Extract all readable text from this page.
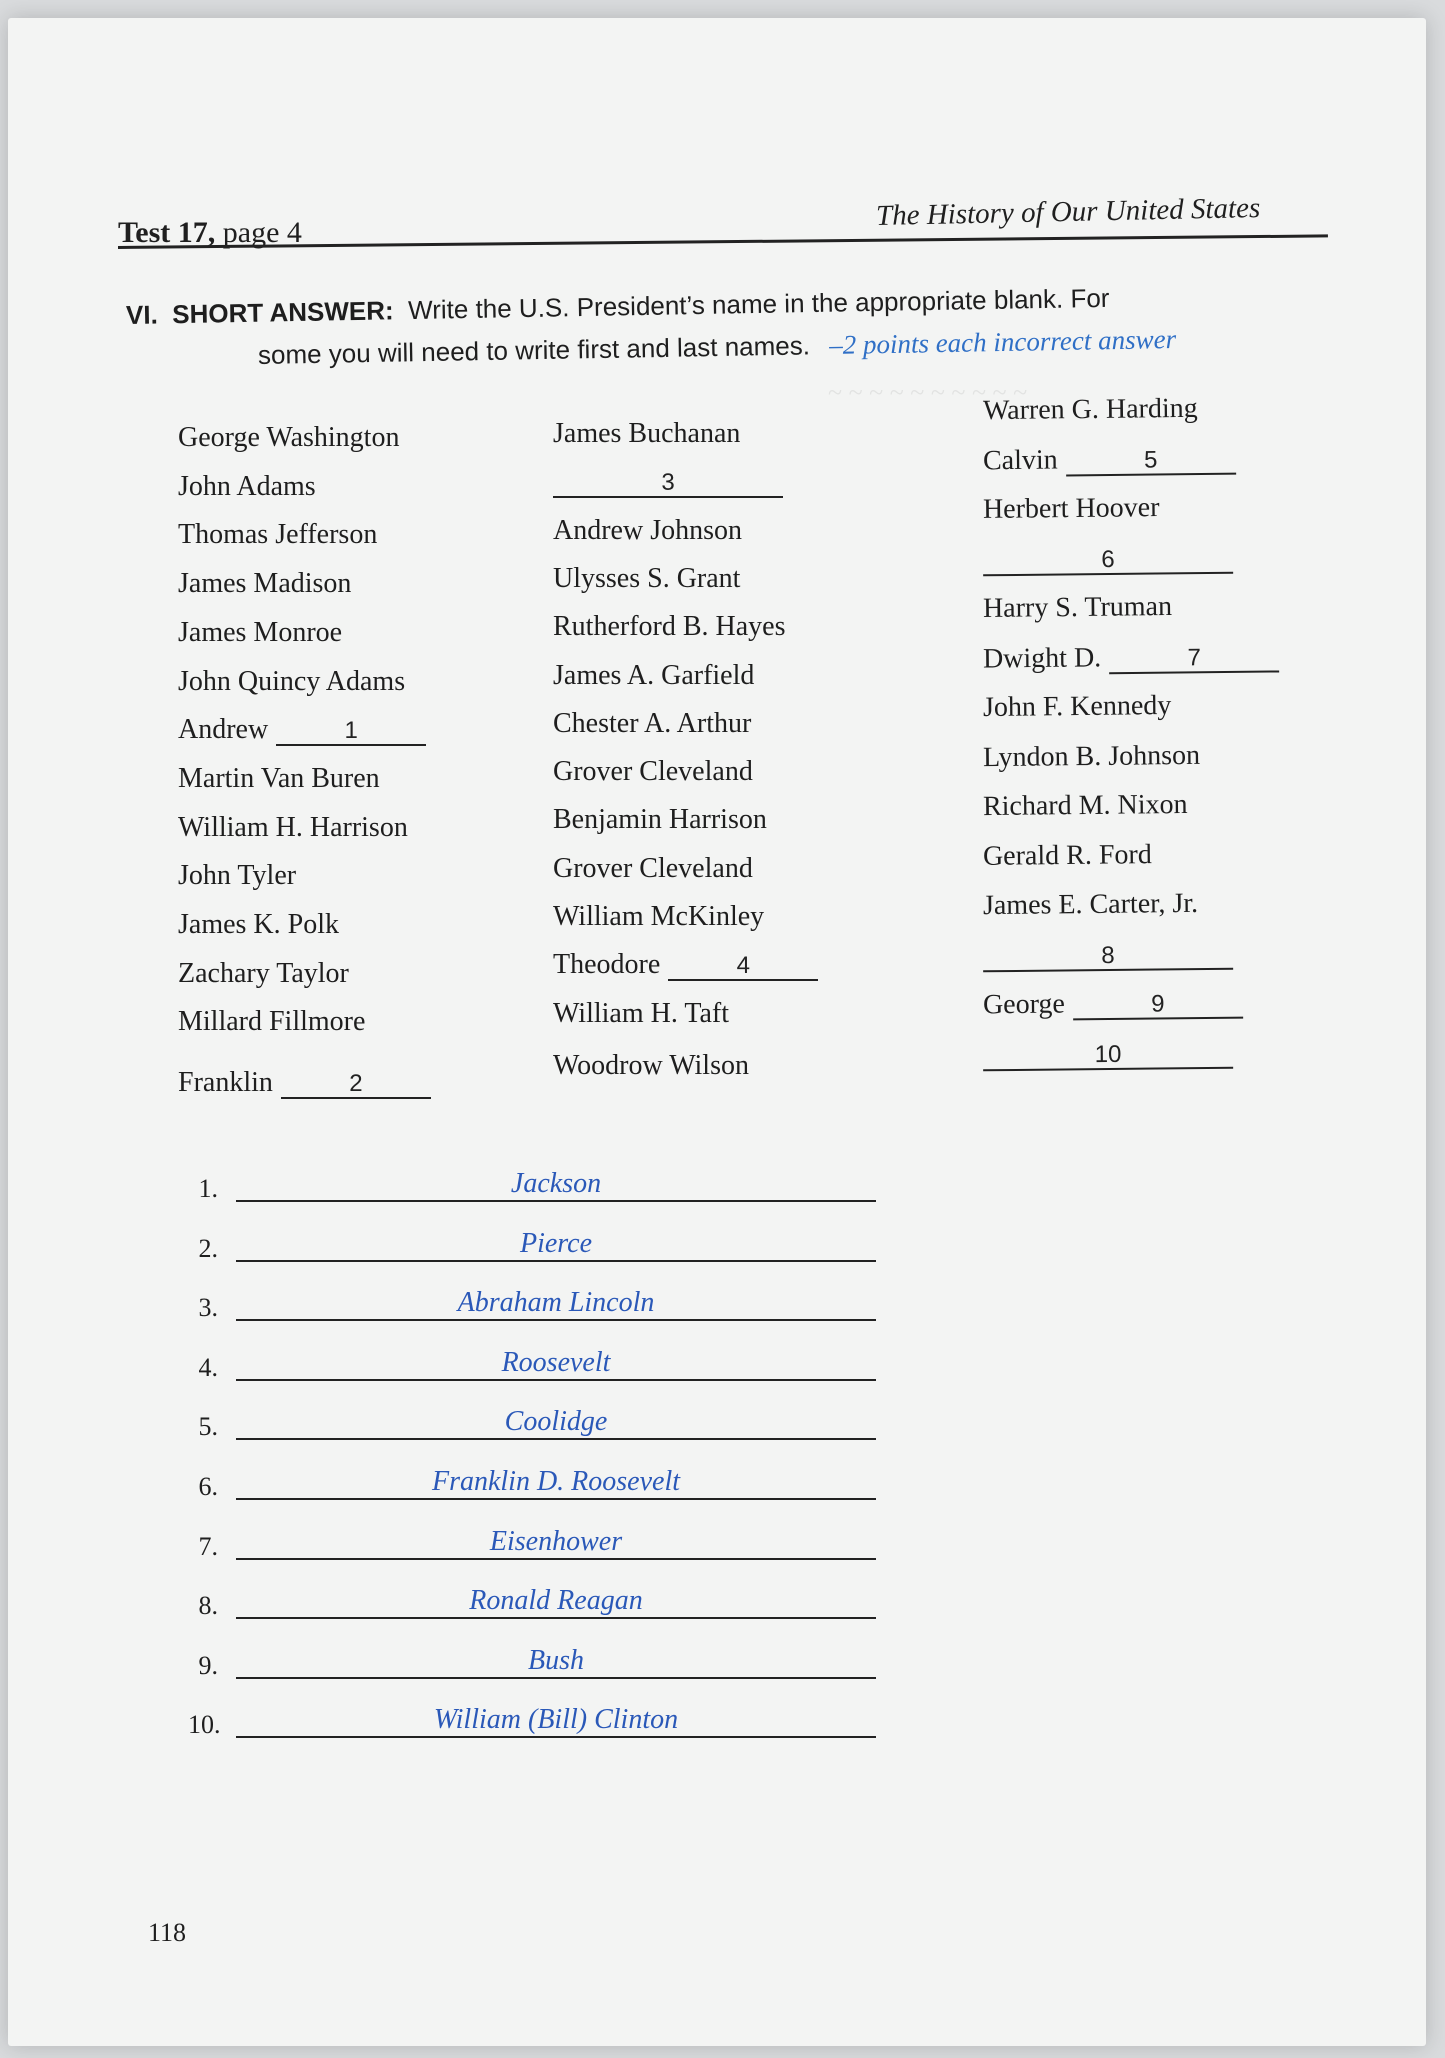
~ ~ ~ ~ ~ ~ ~ ~ ~ ~
Test 17, page 4
The History of Our United States
VI. SHORT ANSWER: Write the U.S. President’s name in the appropriate blank. For
some you will need to write first and last names. –2 points each incorrect answer
George Washington
John Adams
Thomas Jefferson
James Madison
James Monroe
John Quincy Adams
Andrew	1
Martin Van Buren
William H. Harrison
John Tyler
James K. Polk
Zachary Taylor
Millard Fillmore
Franklin	2
James Buchanan
3
Andrew Johnson
Ulysses S. Grant
Rutherford B. Hayes
James A. Garfield
Chester A. Arthur
Grover Cleveland
Benjamin Harrison
Grover Cleveland
William McKinley
Theodore	4
William H. Taft
Woodrow Wilson
Warren G. Harding
Calvin	5
Herbert Hoover
6
Harry S. Truman
Dwight D.	7
John F. Kennedy
Lyndon B. Johnson
Richard M. Nixon
Gerald R. Ford
James E. Carter, Jr.
8
George	9
10
1.	Jackson
2.	Pierce
3.	Abraham Lincoln
4.	Roosevelt
5.	Coolidge
6.	Franklin D. Roosevelt
7.	Eisenhower
8.	Ronald Reagan
9.	Bush
10.	William (Bill) Clinton
118
